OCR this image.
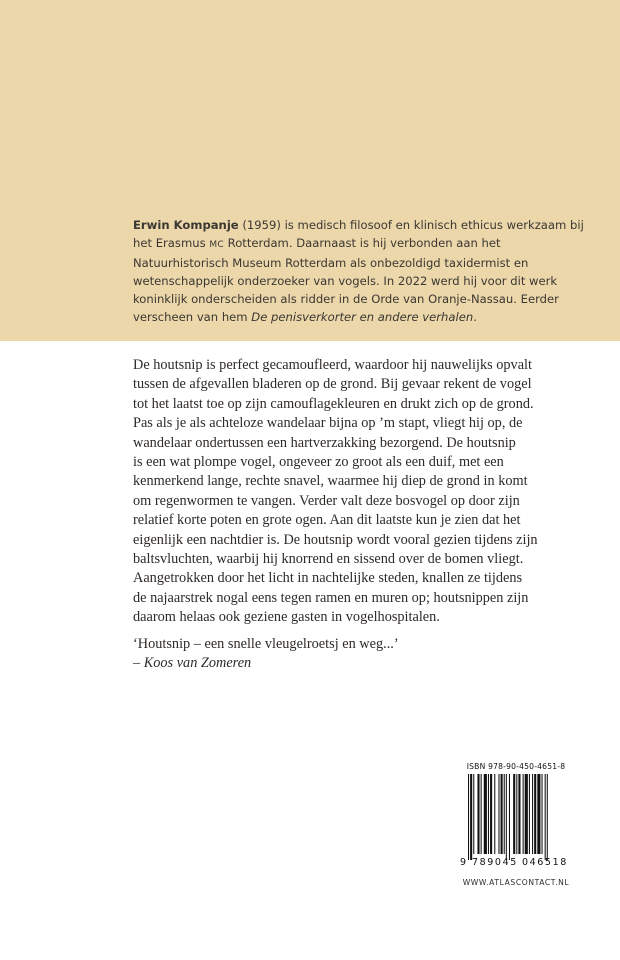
Erwin Kompanje (1959) is medisch filosoof en klinisch ethicus werkzaam bij het Erasmus MC Rotterdam. Daarnaast is hij verbonden aan het Natuurhistorisch Museum Rotterdam als onbezoldigd taxidermist en wetenschappelijk onderzoeker van vogels. In 2022 werd hij voor dit werk koninklijk onderscheiden als ridder in de Orde van Oranje-Nassau. Eerder verscheen van hem De penisverkorter en andere verhalen.

De houtsnip is perfect gecamoufleerd, waardoor hij nauwelijks opvalt
tussen de afgevallen bladeren op de grond. Bij gevaar rekent de vogel
tot het laatst toe op zijn camouflagekleuren en drukt zich op de grond.
Pas als je als achteloze wandelaar bijna op ’m stapt, vliegt hij op, de
wandelaar ondertussen een hartverzakking bezorgend. De houtsnip
is een wat plompe vogel, ongeveer zo groot als een duif, met een
kenmerkend lange, rechte snavel, waarmee hij diep de grond in komt
om regenwormen te vangen. Verder valt deze bosvogel op door zijn
relatief korte poten en grote ogen. Aan dit laatste kun je zien dat het
eigenlijk een nachtdier is. De houtsnip wordt vooral gezien tijdens zijn
baltsvluchten, waarbij hij knorrend en sissend over de bomen vliegt.
Aangetrokken door het licht in nachtelijke steden, knallen ze tijdens
de najaarstrek nogal eens tegen ramen en muren op; houtsnippen zijn
daarom helaas ook geziene gasten in vogelhospitalen.

‘Houtsnip – een snelle vleugelroetsj en weg...’

– Koos van Zomeren

ISBN 978-90-450-4651-8
9 789045 046518
WWW.ATLASCONTACT.NL
